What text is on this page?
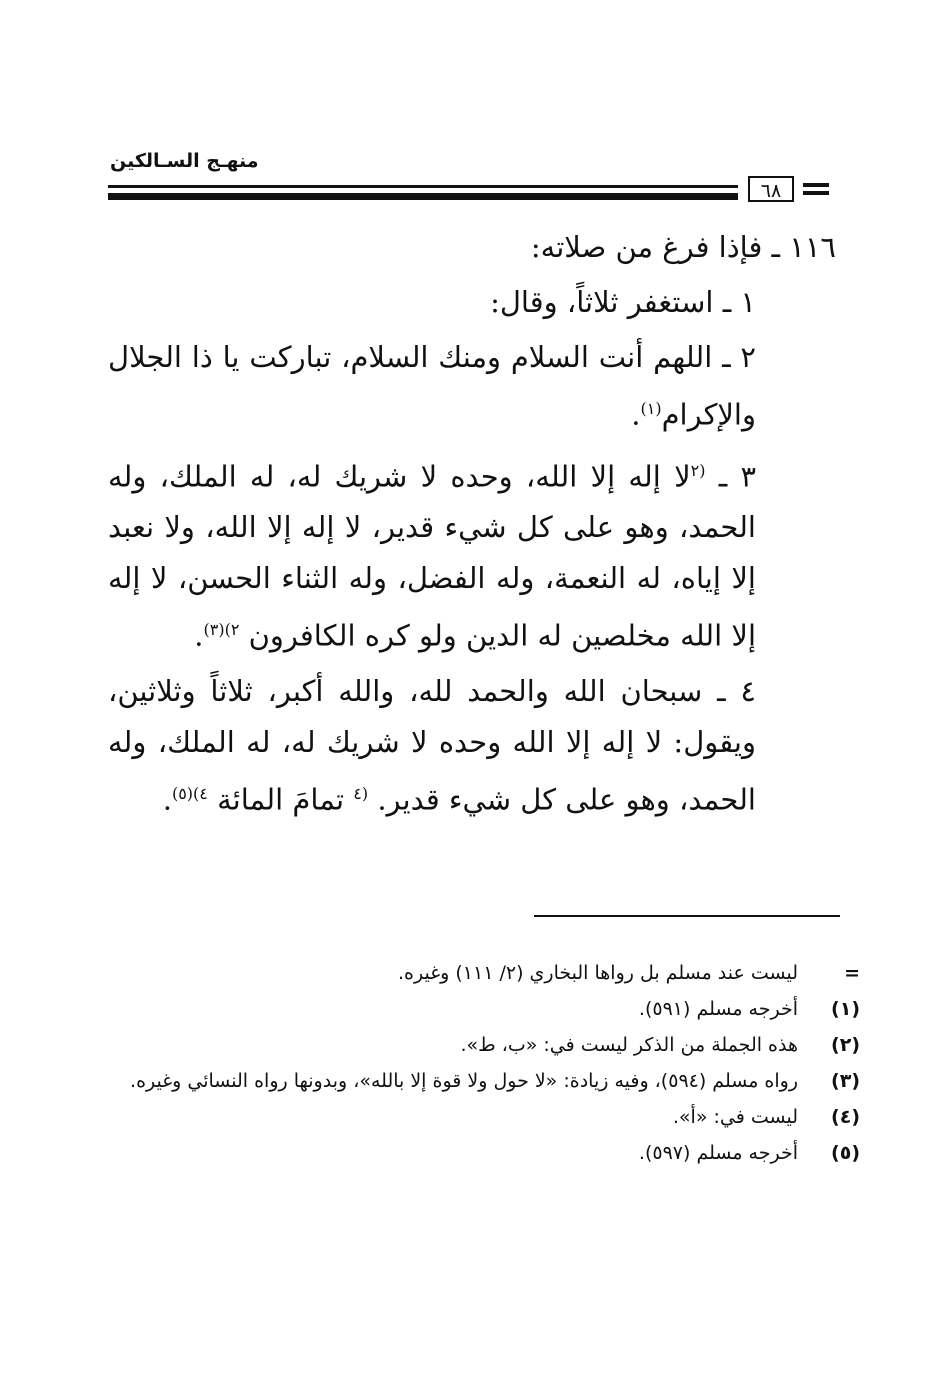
منهـج السـالكين
٦٨

١١٦ ـ فإذا فرغ من صلاته:

١ ـ استغفر ثلاثاً، وقال:

٢ ـ اللهم أنت السلام ومنك السلام، تباركت يا ذا الجلال والإكرام$^{(١)}$.

٣ ـ $^{(٢}$لا إله إلا الله، وحده لا شريك له، له الملك، وله الحمد، وهو على كل شيء قدير، لا إله إلا الله، ولا نعبد إلا إياه، له النعمة، وله الفضل، وله الثناء الحسن، لا إله إلا الله مخلصين له الدين ولو كره الكافرون $^{٢)(٣)}$.

٤ ـ سبحان الله والحمد لله، والله أكبر، ثلاثاً وثلاثين، ويقول: لا إله إلا الله وحده لا شريك له، له الملك، وله الحمد، وهو على كل شيء قدير. $^{(٤}$ تمامَ المائة $^{٤)(٥)}$.

=
ليست عند مسلم بل رواها البخاري (٢/ ١١١) وغيره.
(١)
أخرجه مسلم (٥٩١).
(٢)
هذه الجملة من الذكر ليست في: «ب، ط».
(٣)
رواه مسلم (٥٩٤)، وفيه زيادة: «لا حول ولا قوة إلا بالله»، وبدونها رواه النسائي وغيره.
(٤)
ليست في: «أ».
(٥)
أخرجه مسلم (٥٩٧).
